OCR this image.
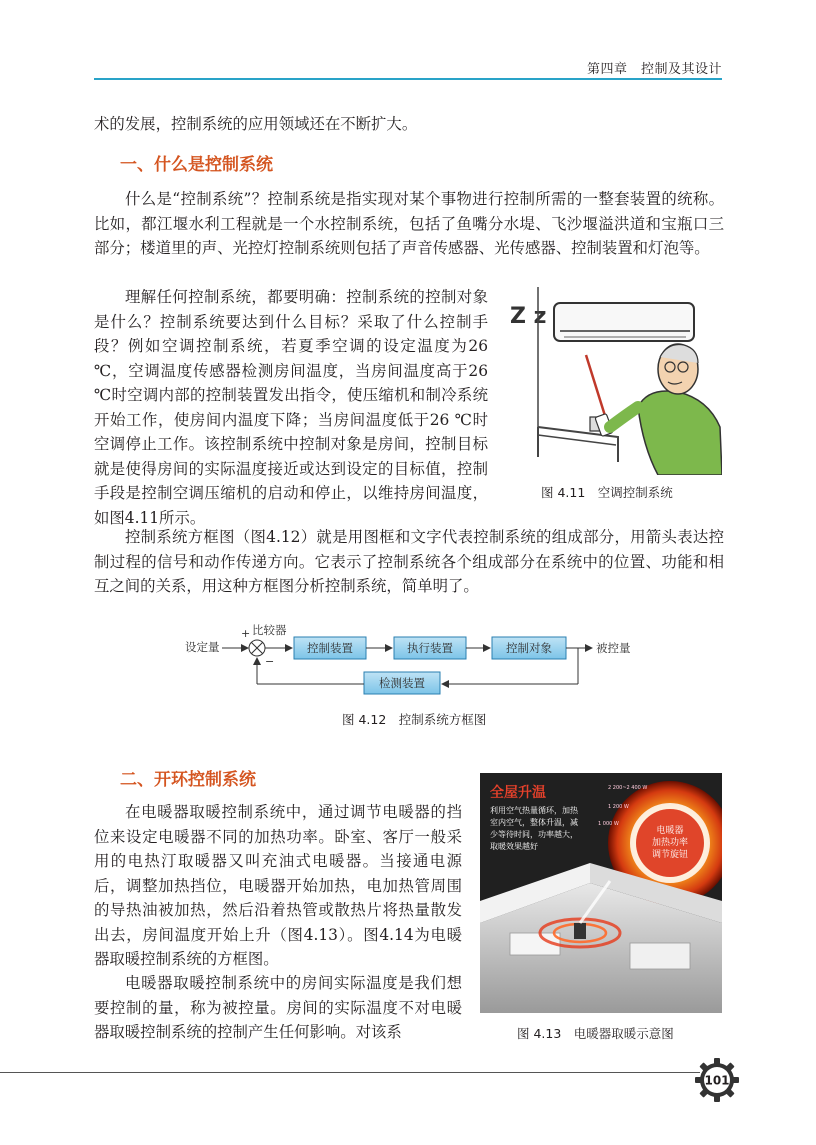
第四章　 控制及其设计

术的发展，控制系统的应用领域还在不断扩大。

一、什么是控制系统

什么是“控制系统”？控制系统是指实现对某个事物进行控制所需的一整套装置的统称。比如，都江堰水利工程就是一个水控制系统，包括了鱼嘴分水堤、飞沙堰溢洪道和宝瓶口三部分；楼道里的声、光控灯控制系统则包括了声音传感器、光传感器、控制装置和灯泡等。

理解任何控制系统，都要明确：控制系统的控制对象是什么？控制系统要达到什么目标？采取了什么控制手段？例如空调控制系统，若夏季空调的设定温度为26 ℃，空调温度传感器检测房间温度，当房间温度高于26 ℃时空调内部的控制装置发出指令，使压缩机和制冷系统开始工作，使房间内温度下降；当房间温度低于26 ℃时空调停止工作。该控制系统中控制对象是房间，控制目标就是使得房间的实际温度接近或达到设定的目标值，控制手段是控制空调压缩机的启动和停止，以维持房间温度，如图4.11所示。

Z z
图 4.11　空调控制系统

控制系统方框图（图4.12）就是用图框和文字代表控制系统的组成部分，用箭头表达控制过程的信号和动作传递方向。它表示了控制系统各个组成部分在系统中的位置、功能和相互之间的关系，用这种方框图分析控制系统，简单明了。

设定量
+ 比较器
−
控制装置	执行装置	控制对象	被控量
检测装置
图 4.12　控制系统方框图
二、开环控制系统

在电暖器取暖控制系统中，通过调节电暖器的挡位来设定电暖器不同的加热功率。卧室、客厅一般采用的电热汀取暖器又叫充油式电暖器。当接通电源后，调整加热挡位，电暖器开始加热，电加热管周围的导热油被加热，然后沿着热管或散热片将热量散发出去，房间温度开始上升（图4.13）。图4.14为电暖器取暖控制系统的方框图。

电暖器取暖控制系统中的房间实际温度是我们想要控制的量，称为被控量。房间的实际温度不对电暖器取暖控制系统的控制产生任何影响。对该系

电暖器
加热功率
调节旋钮
2 200~2 400 W
1 200 W
1 000 W
全屋升温
利用空气热量循环，加热
室内空气，整体升温，减
少等待时间，功率越大，
取暖效果越好
图 4.13　电暖器取暖示意图
101
